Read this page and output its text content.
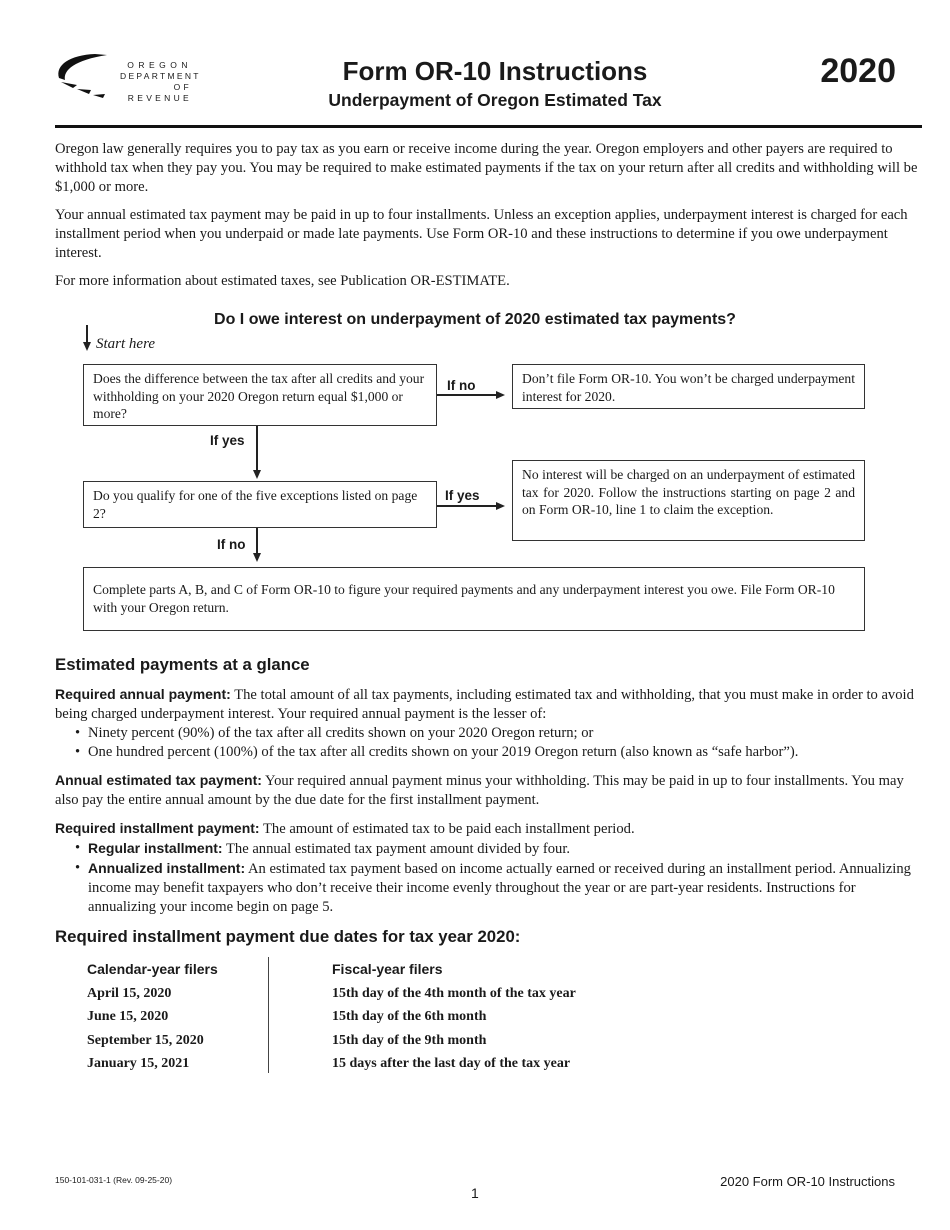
OREGON
DEPARTMENT
OF REVENUE
Form OR-10 Instructions
Underpayment of Oregon Estimated Tax
2020

Oregon law generally requires you to pay tax as you earn or receive income during the year. Oregon employers and other payers are required to withhold tax when they pay you. You may be required to make estimated payments if the tax on your return after all credits and withholding will be $1,000 or more.

Your annual estimated tax payment may be paid in up to four installments. Unless an exception applies, underpayment interest is charged for each installment period when you underpaid or made late payments. Use Form OR-10 and these instructions to determine if you owe underpayment interest.

For more information about estimated taxes, see Publication OR-ESTIMATE.

Do I owe interest on underpayment of 2020 estimated tax payments?
Start here
Does the difference between the tax after all credits and your withholding on your 2020 Oregon return equal $1,000 or more?
If no	Don’t file Form OR-10. You won’t be charged underpayment interest for 2020.
If yes
Do you qualify for one of the five exceptions listed on page 2?
If yes
No interest will be charged on an underpayment of estimated tax for 2020. Follow the instructions starting on page 2 and on Form OR-10, line 1 to claim the exception.
If no
Complete parts A, B, and C of Form OR-10 to figure your required payments and any underpayment interest you owe. File Form OR-10 with your Oregon return.
Estimated payments at a glance

Required annual payment: The total amount of all tax payments, including estimated tax and withholding, that you must make in order to avoid being charged underpayment interest. Your required annual payment is the lesser of:

• Ninety percent (90%) of the tax after all credits shown on your 2020 Oregon return; or
• One hundred percent (100%) of the tax after all credits shown on your 2019 Oregon return (also known as “safe harbor”).

Annual estimated tax payment: Your required annual payment minus your withholding. This may be paid in up to four installments. You may also pay the entire annual amount by the due date for the first installment payment.

Required installment payment: The amount of estimated tax to be paid each installment period.

• Regular installment: The annual estimated tax payment amount divided by four.
• Annualized installment: An estimated tax payment based on income actually earned or received during an installment period. Annualizing income may benefit taxpayers who don’t receive their income evenly throughout the year or are part-year residents. Instructions for annualizing your income begin on page 5.
Required installment payment due dates for tax year 2020:
Calendar-year filers
April 15, 2020
June 15, 2020
September 15, 2020
January 15, 2021
Fiscal-year filers
15th day of the 4th month of the tax year
15th day of the 6th month
15th day of the 9th month
15 days after the last day of the tax year
150-101-031-1 (Rev. 09-25-20)
1
2020 Form OR-10 Instructions
